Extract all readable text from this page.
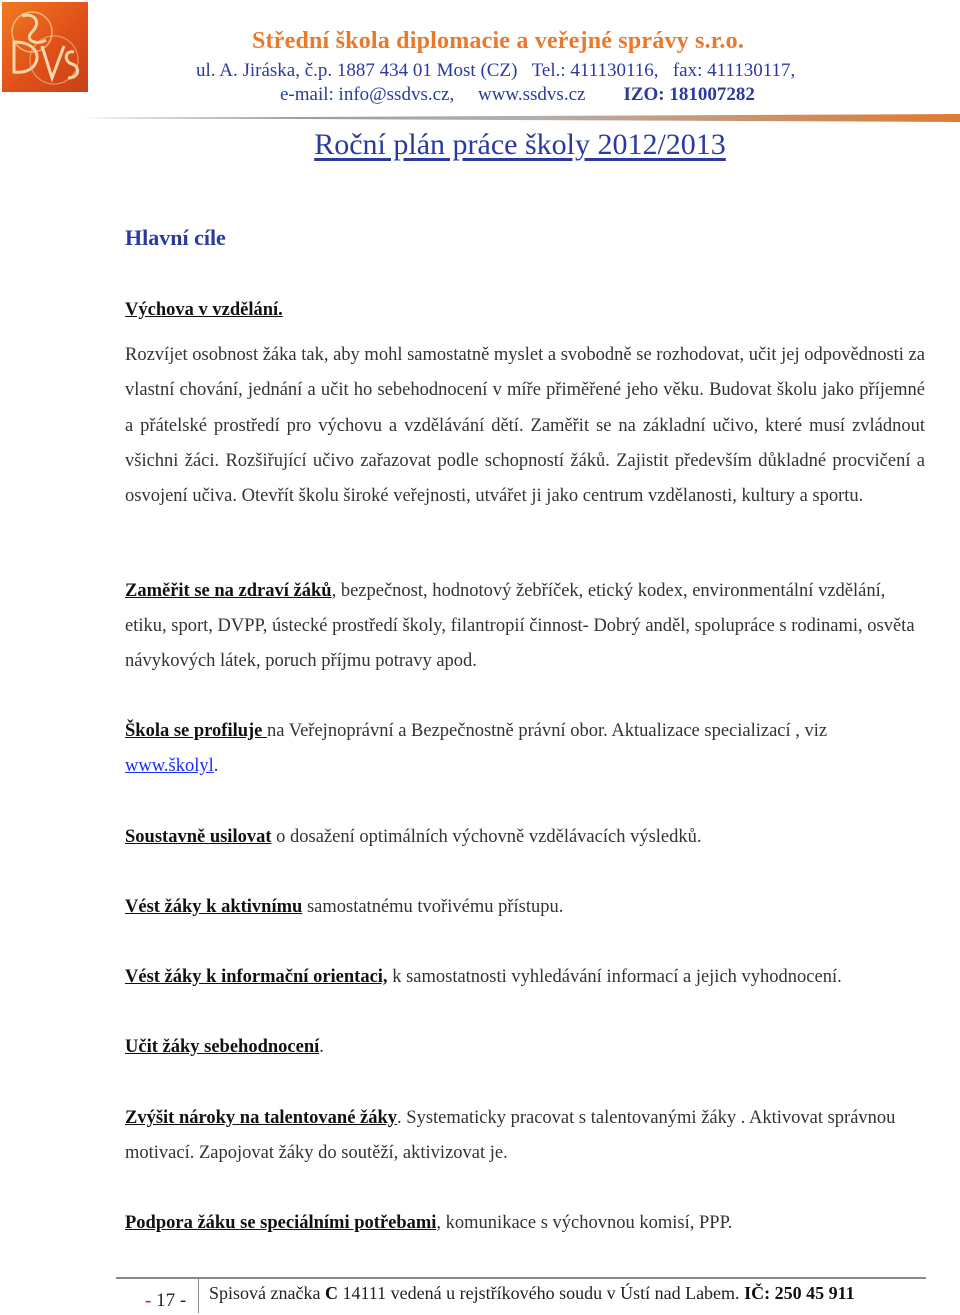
Střední škola diplomacie a veřejné správy s.r.o.
ul. A. Jiráska, č.p. 1887 434 01 Most (CZ) Tel.: 411130116, fax: 411130117,
e-mail: info@ssdvs.cz, www.ssdvs.cz IZO: 181007282
Roční plán práce školy 2012/2013
Hlavní cíle
Výchova v vzdělání.
Rozvíjet osobnost žáka tak, aby mohl samostatně myslet a svobodně se rozhodovat, učit jej odpovědnosti za vlastní chování, jednání a učit ho sebehodnocení v míře přiměřené jeho věku. Budovat školu jako příjemné a přátelské prostředí pro výchovu a vzdělávání dětí. Zaměřit se na základní učivo, které musí zvládnout všichni žáci. Rozšiřující učivo zařazovat podle schopností žáků. Zajistit především důkladné procvičení a osvojení učiva. Otevřít školu široké veřejnosti, utvářet ji jako centrum vzdělanosti, kultury a sportu.
Zaměřit se na zdraví žáků, bezpečnost, hodnotový žebříček, etický kodex, environmentální vzdělání, etiku, sport, DVPP, ústecké prostředí školy, filantropií činnost- Dobrý anděl, spolupráce s rodinami, osvěta návykových látek, poruch příjmu potravy apod.
Škola se profiluje na Veřejnoprávní a Bezpečnostně právní obor. Aktualizace specializací , viz www.školyl.
Soustavně usilovat o dosažení optimálních výchovně vzdělávacích výsledků.
Vést žáky k aktivnímu samostatnému tvořivému přístupu.
Vést žáky k informační orientaci, k samostatnosti vyhledávání informací a jejich vyhodnocení.
Učit žáky sebehodnocení.
Zvýšit nároky na talentované žáky. Systematicky pracovat s talentovanými žáky . Aktivovat správnou motivací. Zapojovat žáky do soutěží, aktivizovat je.
Podpora žáku se speciálními potřebami, komunikace s výchovnou komisí, PPP.
- 17 - Spisová značka C 14111 vedená u rejstříkového soudu v Ústí nad Labem. IČ: 250 45 911
